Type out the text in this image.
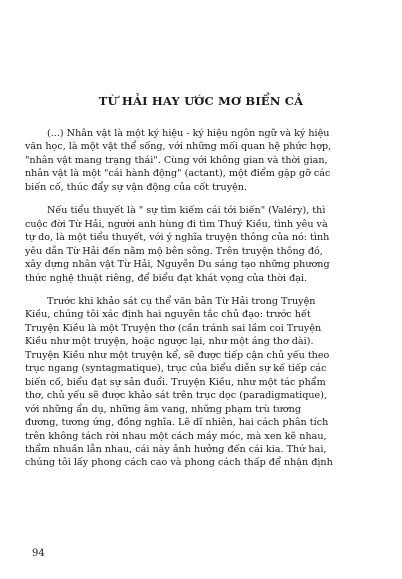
TỪ HẢI HAY ƯỚC MƠ BIỂN CẢ
(...) Nhân vật là một ký hiệu - ký hiệu ngôn ngữ và ký hiệu
văn học, là một vật thể sống, với những mối quan hệ phức hợp,
"nhân vật mang trạng thái". Cùng với không gian và thời gian,
nhân vật là một "cái hành động" (actant), một điểm gặp gỡ các
biến cố, thúc đẩy sự vận động của cốt truyện.
Nếu tiểu thuyết là " sự tìm kiếm cái tới biến" (Valéry), thì
cuộc đời Từ Hải, người anh hùng đi tìm Thuý Kiều, tình yêu và
tự do, là một tiểu thuyết, với ý nghĩa truyện thông của nó: tình
yêu dẫn Từ Hải đến nằm mộ bên sông. Trên truyện thông đó,
xây dựng nhân vật Từ Hải, Nguyễn Du sáng tạo những phương
thức nghệ thuật riêng, để biểu đạt khát vọng của thời đại.
Trước khi khảo sát cụ thể văn bản Từ Hải trong Truyện
Kiều, chúng tôi xác định hai nguyên tắc chủ đạo: trước hết
Truyện Kiều là một Truyện thơ (cần tránh sai lầm coi Truyện
Kiều như một truyện, hoặc ngược lại, như một áng thơ dài).
Truyện Kiều như một truyện kể, sẽ được tiếp cận chủ yếu theo
trục ngang (syntagmatique), trục của biểu diễn sự kế tiếp các
biến cố, biểu đạt sự sản đuổi. Truyện Kiều, như một tác phẩm
thơ, chủ yếu sẽ được khảo sát trên trục dọc (paradigmatique),
với những ẩn dụ, những âm vang, những phạm trù tương
đương, tương ứng, đồng nghĩa. Lẽ dĩ nhiên, hai cách phân tích
trên không tách rời nhau một cách máy móc, mà xen kẽ nhau,
thẩm nhuần lẫn nhau, cái này ảnh hưởng đến cái kia. Thứ hai,
chúng tôi lấy phong cách cao và phong cách thấp để nhận định
94
